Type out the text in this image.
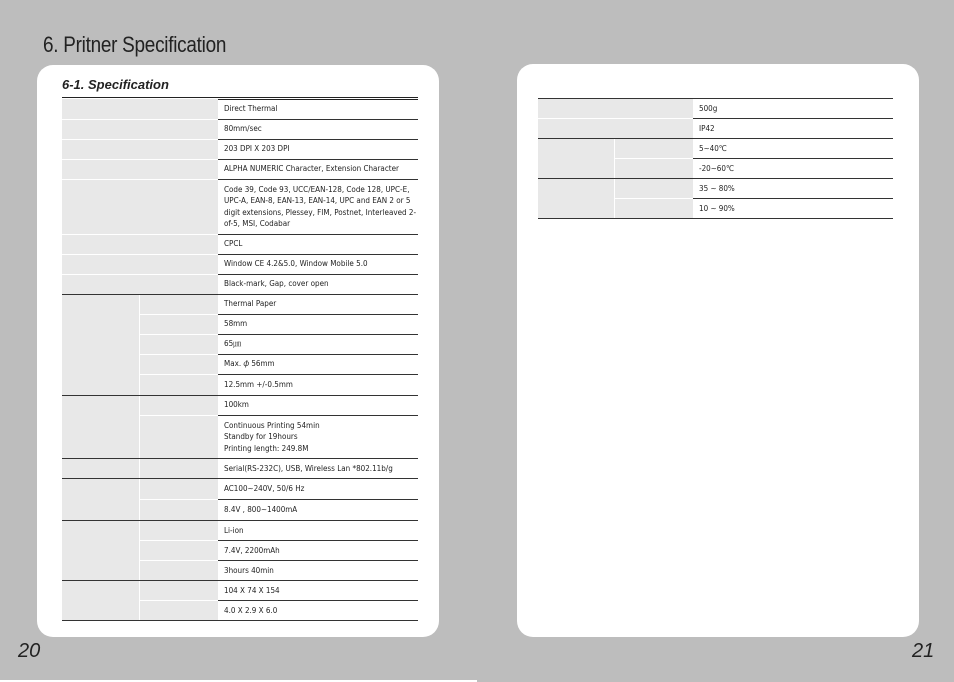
6. Pritner Specification
6-1. Specification
		Direct Thermal
		80mm/sec
		203 DPI X 203 DPI
		ALPHA NUMERIC Character, Extension Character
		Code 39, Code 93, UCC/EAN-128, Code 128, UPC-E, UPC-A, EAN-8, EAN-13, EAN-14, UPC and EAN 2 or 5 digit extensions, Plessey, FIM, Postnet, Interleaved 2-of-5, MSI, Codabar
		CPCL
		Window CE 4.2&5.0, Window Mobile 5.0
		Black-mark, Gap, cover open
		Thermal Paper
		58mm
		65㎛
		Max. 𝜙 56mm
		12.5mm +/-0.5mm
		100km
		Continuous Printing 54min
Standby for 19hours
Printing length: 249.8M
		Serial(RS-232C), USB, Wireless Lan *802.11b/g
		AC100~240V, 50/6 Hz
		8.4V , 800~1400mA
		Li-ion
		7.4V, 2200mAh
		3hours 40min
		104 X 74 X 154
		4.0 X 2.9 X 6.0
		500g
		IP42
		5~40℃
		-20~60℃
		35 ~ 80%
		10 ~ 90%
20	21
